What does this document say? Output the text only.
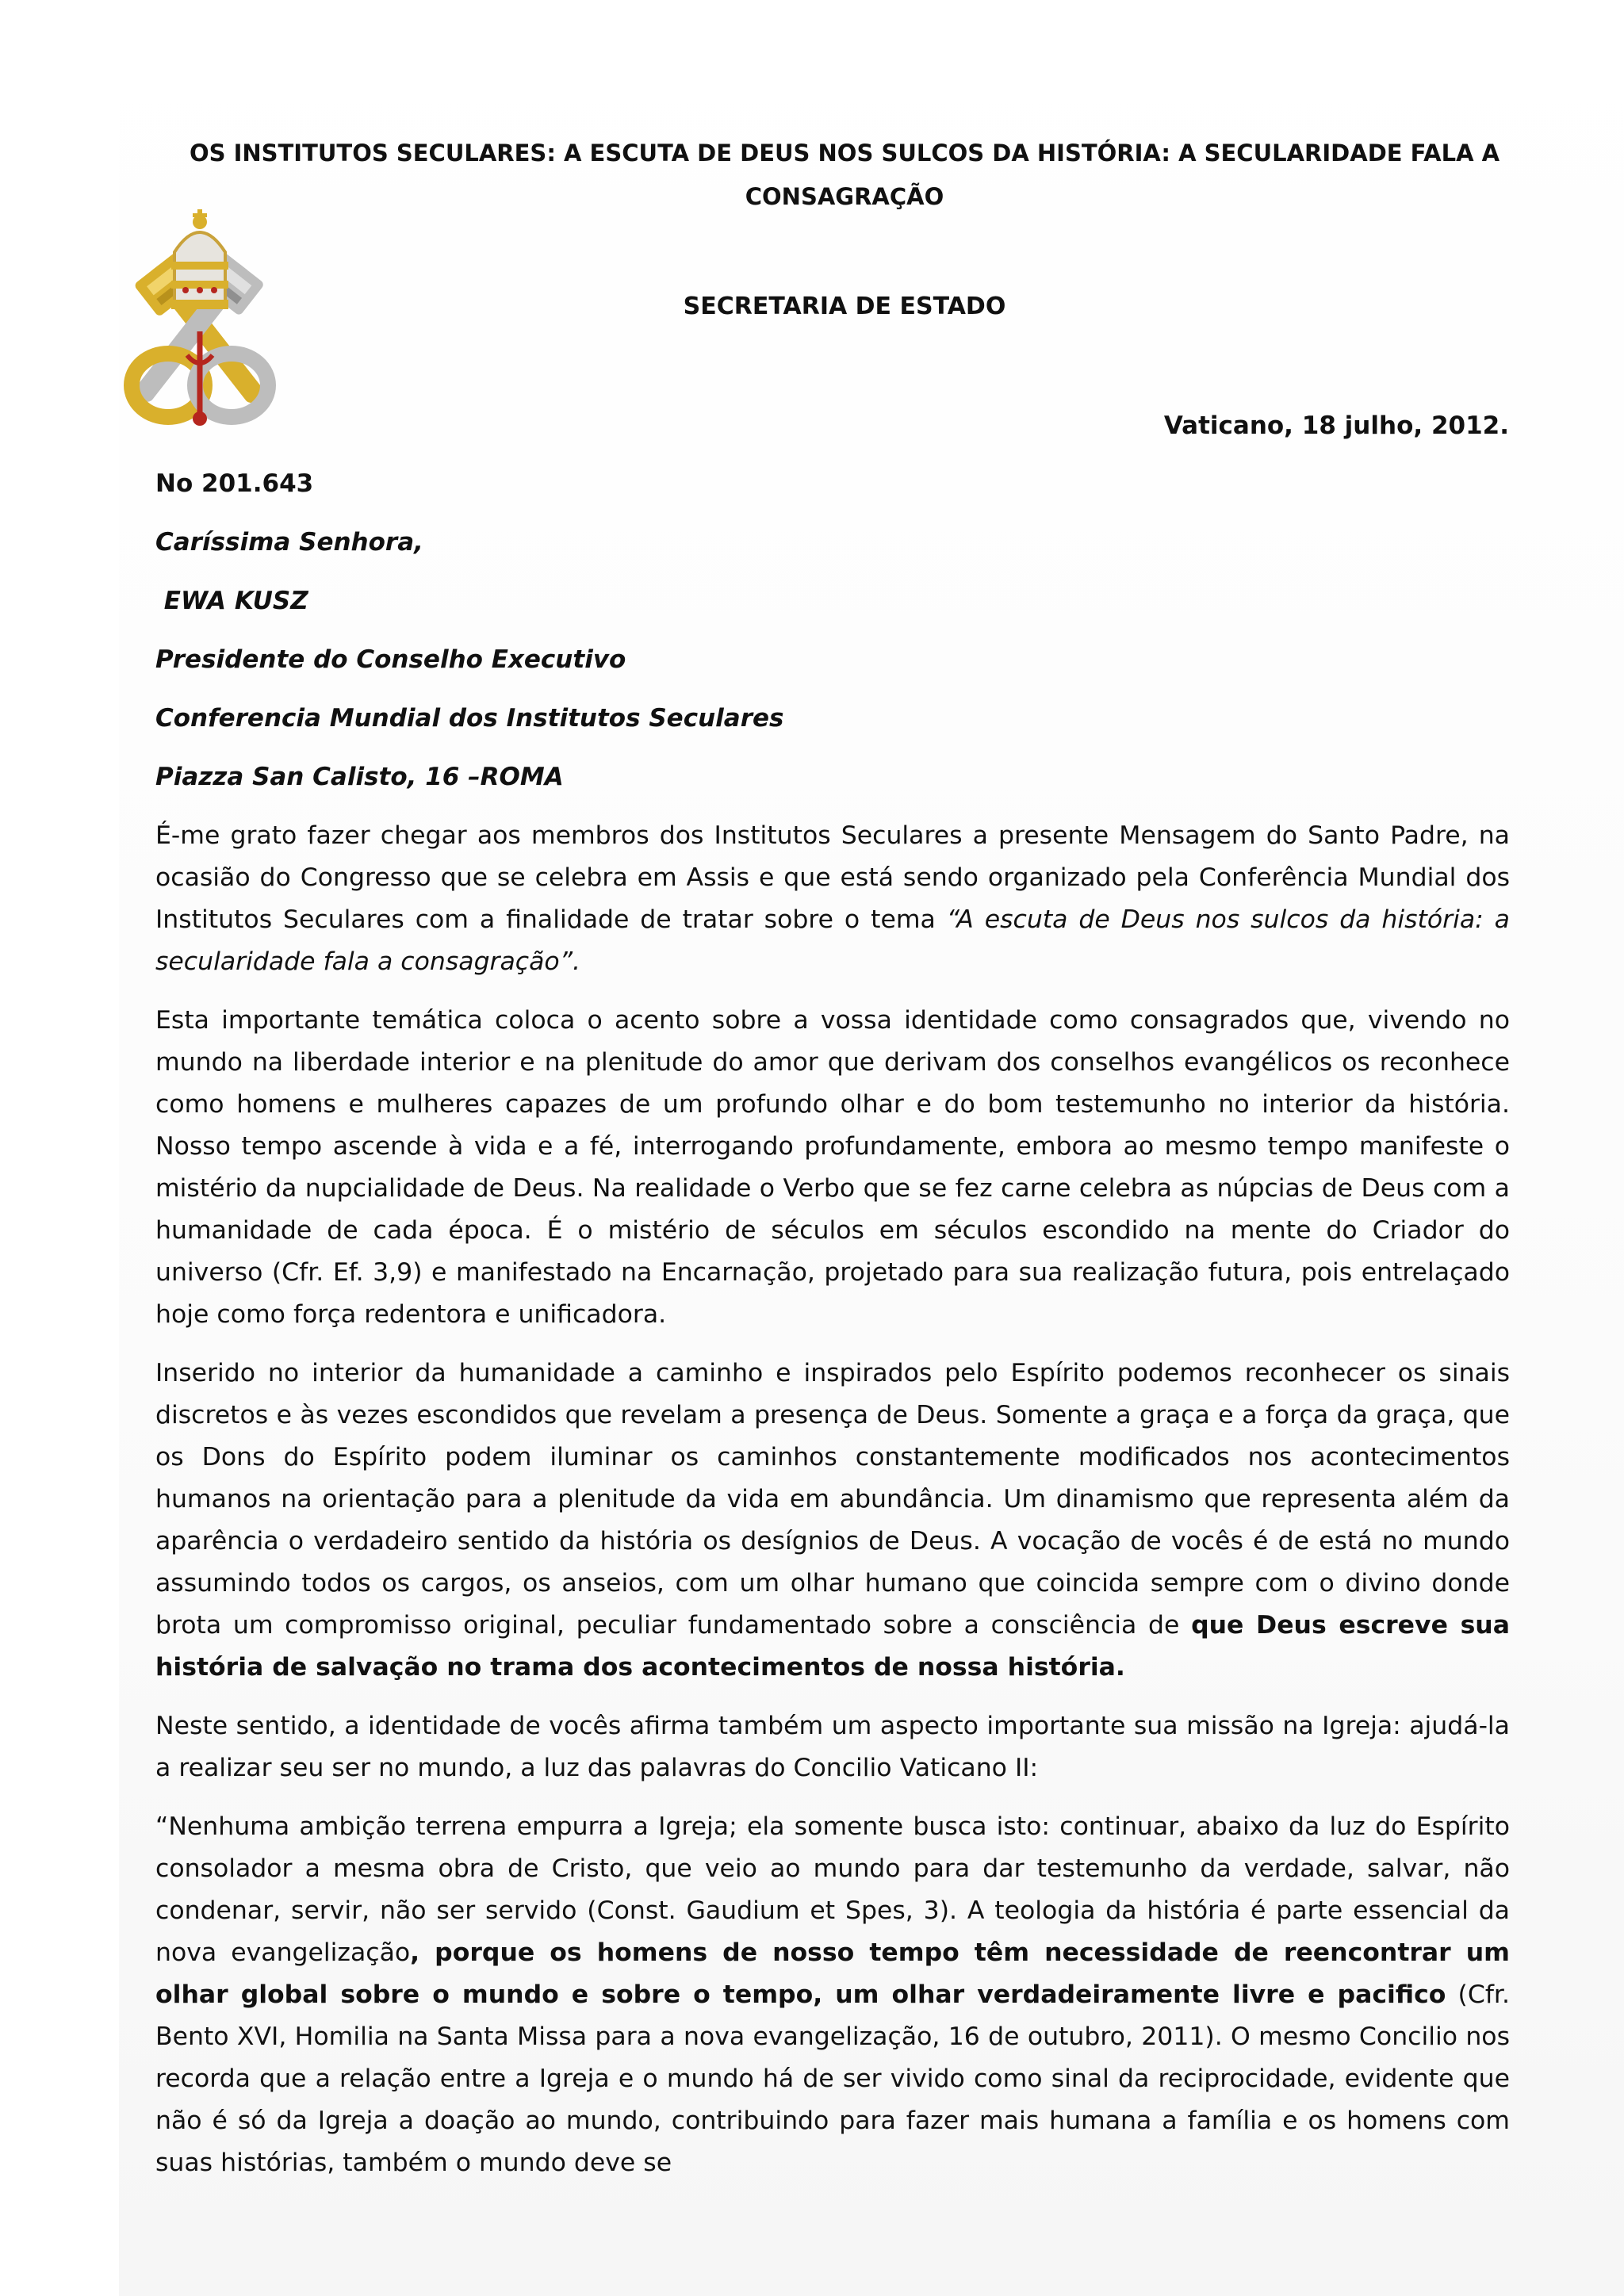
OS INSTITUTOS SECULARES: A ESCUTA DE DEUS NOS SULCOS DA HISTÓRIA: A SECULARIDADE FALA A CONSAGRAÇÃO
SECRETARIA DE ESTADO
Vaticano, 18 julho, 2012.
No 201.643
Caríssima Senhora,
EWA KUSZ
Presidente do Conselho Executivo
Conferencia Mundial dos Institutos Seculares
Piazza San Calisto, 16 –ROMA

É-me grato fazer chegar aos membros dos Institutos Seculares a presente Mensagem do Santo Padre, na ocasião do Congresso que se celebra em Assis e que está sendo organizado pela Conferência Mundial dos Institutos Seculares com a finalidade de tratar sobre o tema “A escuta de Deus nos sulcos da história: a secularidade fala a consagração”.

Esta importante temática coloca o acento sobre a vossa identidade como consagrados que, vivendo no mundo na liberdade interior e na plenitude do amor que derivam dos conselhos evangélicos os reconhece como homens e mulheres capazes de um profundo olhar e do bom testemunho no interior da história. Nosso tempo ascende à vida e a fé, interrogando profundamente, embora ao mesmo tempo manifeste o mistério da nupcialidade de Deus. Na realidade o Verbo que se fez carne celebra as núpcias de Deus com a humanidade de cada época. É o mistério de séculos em séculos escondido na mente do Criador do universo (Cfr. Ef. 3,9) e manifestado na Encarnação, projetado para sua realização futura, pois entrelaçado hoje como força redentora e unificadora.

Inserido no interior da humanidade a caminho e inspirados pelo Espírito podemos reconhecer os sinais discretos e às vezes escondidos que revelam a presença de Deus. Somente a graça e a força da graça, que os Dons do Espírito podem iluminar os caminhos constantemente modificados nos acontecimentos humanos na orientação para a plenitude da vida em abundância. Um dinamismo que representa além da aparência o verdadeiro sentido da história os desígnios de Deus. A vocação de vocês é de está no mundo assumindo todos os cargos, os anseios, com um olhar humano que coincida sempre com o divino donde brota um compromisso original, peculiar fundamentado sobre a consciência de que Deus escreve sua história de salvação no trama dos acontecimentos de nossa história.

Neste sentido, a identidade de vocês afirma também um aspecto importante sua missão na Igreja: ajudá-la a realizar seu ser no mundo, a luz das palavras do Concilio Vaticano II:

“Nenhuma ambição terrena empurra a Igreja; ela somente busca isto: continuar, abaixo da luz do Espírito consolador a mesma obra de Cristo, que veio ao mundo para dar testemunho da verdade, salvar, não condenar, servir, não ser servido (Const. Gaudium et Spes, 3). A teologia da história é parte essencial da nova evangelização, porque os homens de nosso tempo têm necessidade de reencontrar um olhar global sobre o mundo e sobre o tempo, um olhar verdadeiramente livre e pacifico (Cfr. Bento XVI, Homilia na Santa Missa para a nova evangelização, 16 de outubro, 2011). O mesmo Concilio nos recorda que a relação entre a Igreja e o mundo há de ser vivido como sinal da reciprocidade, evidente que não é só da Igreja a doação ao mundo, contribuindo para fazer mais humana a família e os homens com suas histórias, também o mundo deve se
